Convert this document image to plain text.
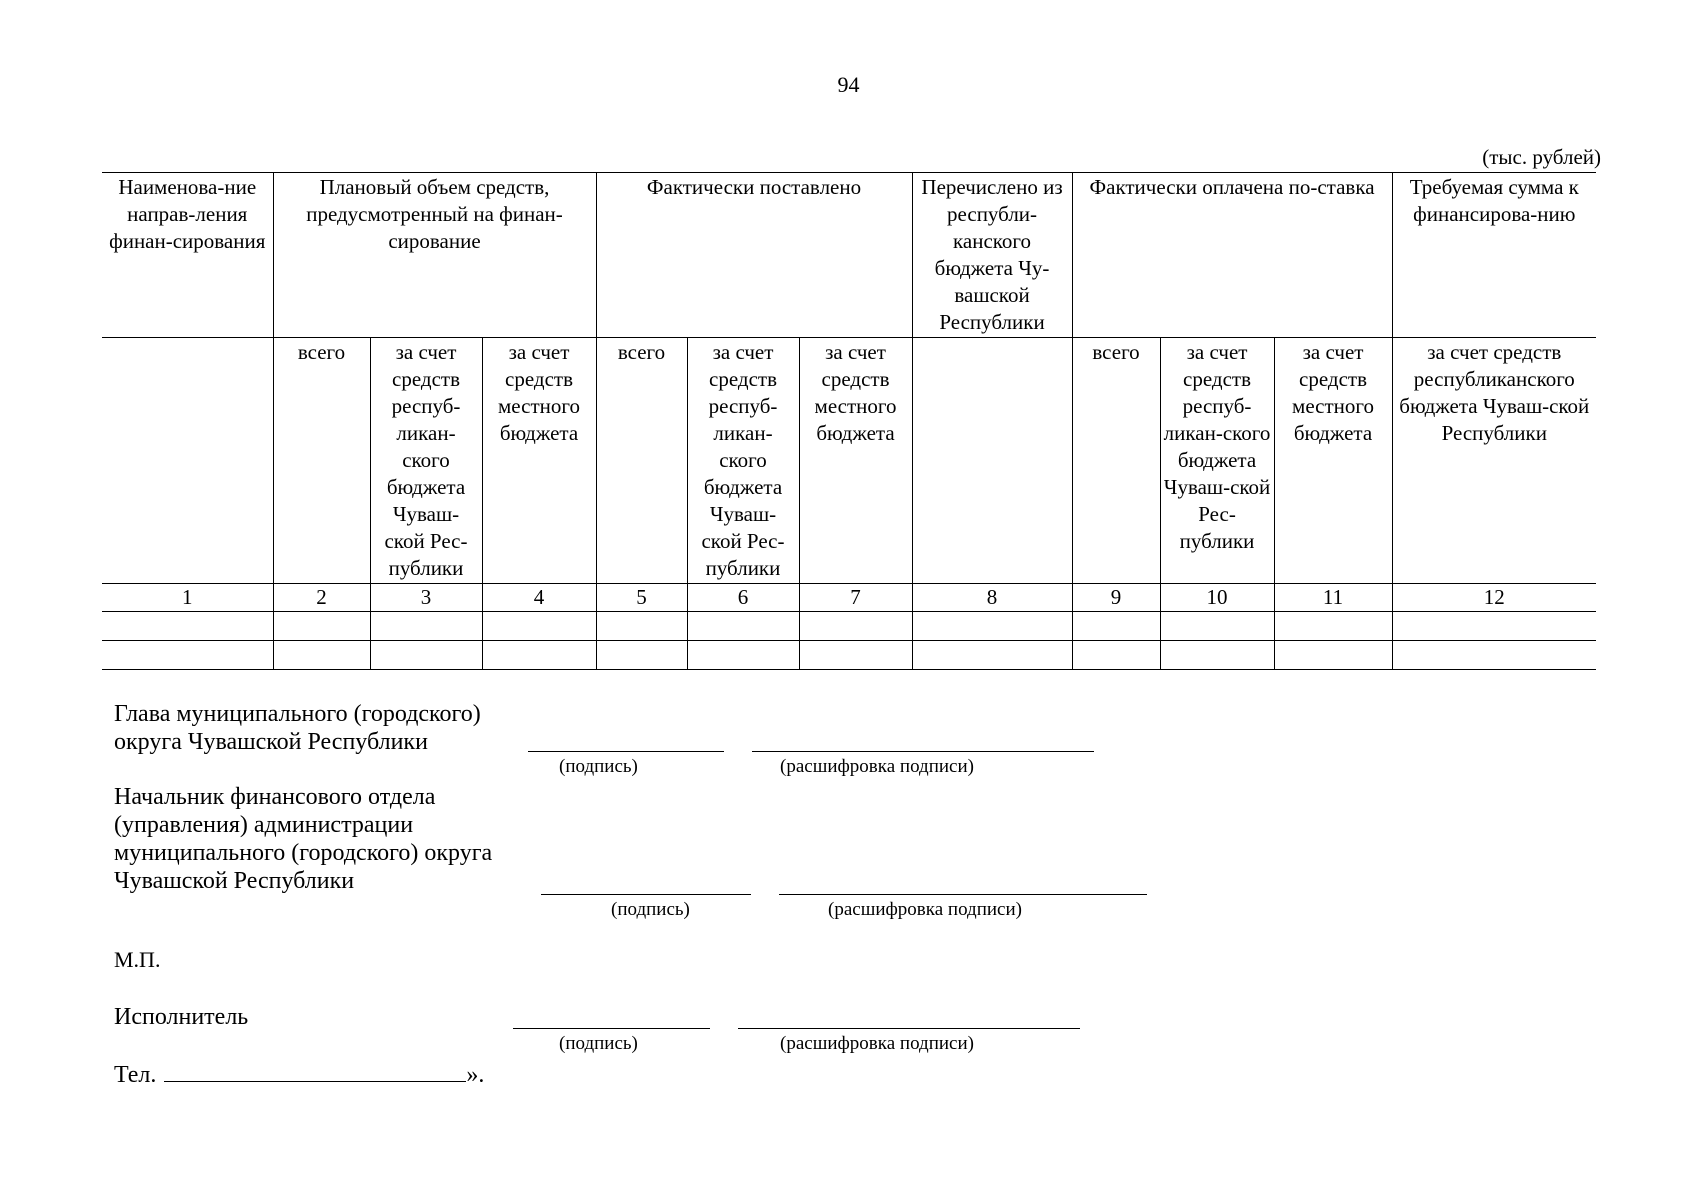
94
(тыс. рублей)
Наименова-ние направ-ления финан-сирования	Плановый объем средств, предусмотренный на финан-сирование			Фактически поставлено			Перечислено из республи-канского бюджета Чу-вашской Республики	Фактически оплачена по-ставка			Требуемая сумма к финансирова-нию
	всего	за счет средств респуб-ликан-ского бюджета Чуваш-ской Рес-публики	за счет средств местного бюджета	всего	за счет средств респуб-ликан-ского бюджета Чуваш-ской Рес-публики	за счет средств местного бюджета		всего	за счет средств респуб-ликан-ского бюджета Чуваш-ской Рес-публики	за счет средств местного бюджета	за счет средств республиканского бюджета Чуваш-ской Республики
1	2	3	4	5	6	7	8	9	10	11	12

Глава муниципального (городского) округа Чувашской Республики
(подпись)	(расшифровка подписи)
Начальник финансового отдела (управления) администрации муниципального (городского) округа Чувашской Республики
(подпись)	(расшифровка подписи)
М.П.
Исполнитель
(подпись)	(расшифровка подписи)
Тел.	».
